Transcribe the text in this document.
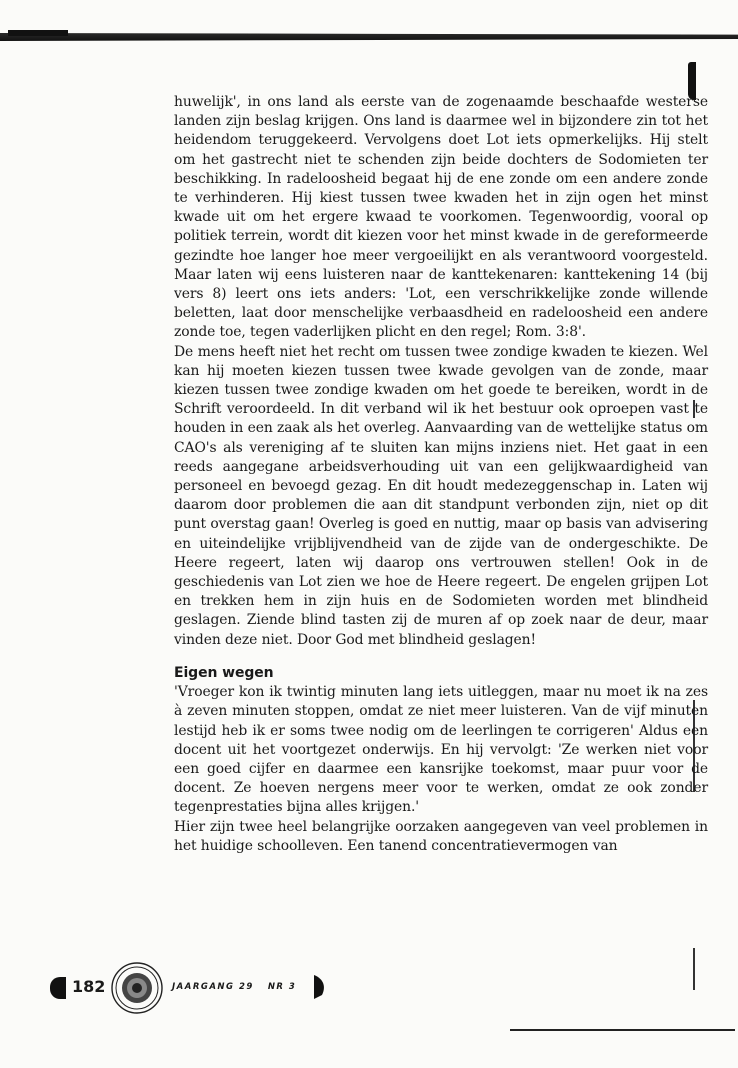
huwelijk', in ons land als eerste van de zogenaamde beschaafde westerse landen zijn beslag krijgen. Ons land is daarmee wel in bijzondere zin tot het heidendom teruggekeerd. Vervolgens doet Lot iets opmerkelijks. Hij stelt om het gastrecht niet te schenden zijn beide dochters de Sodomieten ter beschikking. In radeloosheid begaat hij de ene zonde om een andere zonde te verhinderen. Hij kiest tussen twee kwaden het in zijn ogen het minst kwade uit om het ergere kwaad te voorkomen. Tegenwoordig, vooral op politiek terrein, wordt dit kiezen voor het minst kwade in de gereformeerde gezindte hoe langer hoe meer vergoeilijkt en als verantwoord voorgesteld. Maar laten wij eens luisteren naar de kanttekenaren: kanttekening 14 (bij vers 8) leert ons iets anders: 'Lot, een verschrikkelijke zonde willende beletten, laat door menschelijke verbaasdheid en radeloosheid een andere zonde toe, tegen vaderlijken plicht en den regel; Rom. 3:8'.

De mens heeft niet het recht om tussen twee zondige kwaden te kiezen. Wel kan hij moeten kiezen tussen twee kwade gevolgen van de zonde, maar kiezen tussen twee zondige kwaden om het goede te bereiken, wordt in de Schrift veroordeeld. In dit verband wil ik het bestuur ook oproepen vast te houden in een zaak als het overleg. Aanvaarding van de wettelijke status om CAO's als vereniging af te sluiten kan mijns inziens niet. Het gaat in een reeds aangegane arbeidsverhouding uit van een gelijkwaardigheid van personeel en bevoegd gezag. En dit houdt medezeggenschap in. Laten wij daarom door problemen die aan dit standpunt verbonden zijn, niet op dit punt overstag gaan! Overleg is goed en nuttig, maar op basis van advisering en uiteindelijke vrijblijvendheid van de zijde van de ondergeschikte. De Heere regeert, laten wij daarop ons vertrouwen stellen! Ook in de geschiedenis van Lot zien we hoe de Heere regeert. De engelen grijpen Lot en trekken hem in zijn huis en de Sodomieten worden met blindheid geslagen. Ziende blind tasten zij de muren af op zoek naar de deur, maar vinden deze niet. Door God met blindheid geslagen!

Eigen wegen

'Vroeger kon ik twintig minuten lang iets uitleggen, maar nu moet ik na zes à zeven minuten stoppen, omdat ze niet meer luisteren. Van de vijf minuten lestijd heb ik er soms twee nodig om de leerlingen te corrigeren' Aldus een docent uit het voortgezet onderwijs. En hij vervolgt: 'Ze werken niet voor een goed cijfer en daarmee een kansrijke toekomst, maar puur voor de docent. Ze hoeven nergens meer voor te werken, omdat ze ook zonder tegenprestaties bijna alles krijgen.'

Hier zijn twee heel belangrijke oorzaken aangegeven van veel problemen in het huidige schoolleven. Een tanend concentratievermogen van

182	JAARGANG 29 NR 3
